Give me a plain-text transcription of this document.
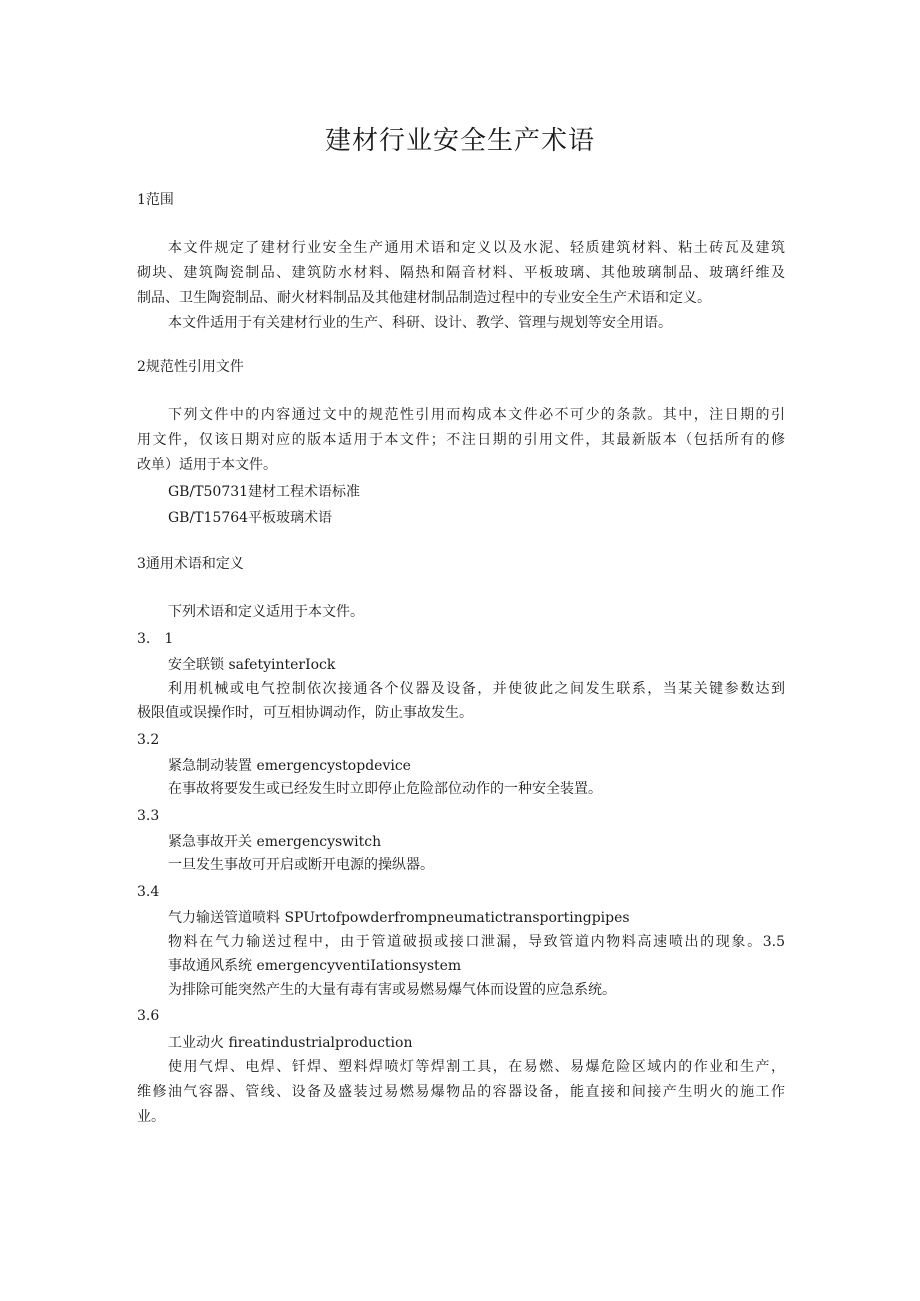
建材行业安全生产术语
1范围
本文件规定了建材行业安全生产通用术语和定义以及水泥、轻质建筑材料、粘土砖瓦及建筑
砌块、建筑陶瓷制品、建筑防水材料、隔热和隔音材料、平板玻璃、其他玻璃制品、玻璃纤维及
制品、卫生陶瓷制品、耐火材料制品及其他建材制品制造过程中的专业安全生产术语和定义。
本文件适用于有关建材行业的生产、科研、设计、教学、管理与规划等安全用语。
2规范性引用文件
下列文件中的内容通过文中的规范性引用而构成本文件必不可少的条款。其中，注日期的引
用文件，仅该日期对应的版本适用于本文件；不注日期的引用文件，其最新版本（包括所有的修
改单）适用于本文件。
GB/T50731建材工程术语标准
GB/T15764平板玻璃术语
3通用术语和定义
下列术语和定义适用于本文件。
3.　1
安全联锁 safetyinterIock
利用机械或电气控制依次接通各个仪器及设备，并使彼此之间发生联系，当某关键参数达到
极限值或误操作时，可互相协调动作，防止事故发生。
3.2
紧急制动装置 emergencystopdevice
在事故将要发生或已经发生时立即停止危险部位动作的一种安全装置。
3.3
紧急事故开关 emergencyswitch
一旦发生事故可开启或断开电源的操纵器。
3.4
气力输送管道喷料 SPUrtofpowderfrompneumatictransportingpipes
物料在气力输送过程中，由于管道破损或接口泄漏，导致管道内物料高速喷出的现象。3.5
事故通风系统 emergencyventiIationsystem
为排除可能突然产生的大量有毒有害或易燃易爆气体而设置的应急系统。
3.6
工业动火 fireatindustrialproduction
使用气焊、电焊、钎焊、塑料焊喷灯等焊割工具，在易燃、易爆危险区域内的作业和生产，
维修油气容器、管线、设备及盛装过易燃易爆物品的容器设备，能直接和间接产生明火的施工作
业。
